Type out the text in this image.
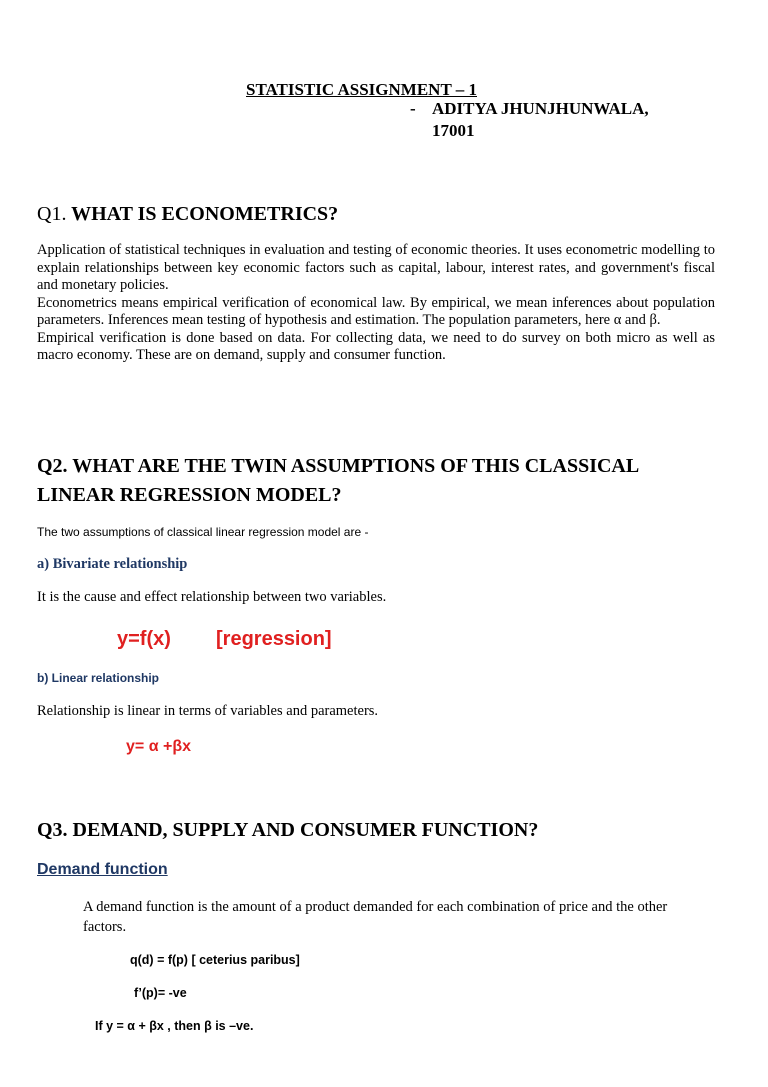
STATISTIC ASSIGNMENT – 1
- ADITYA JHUNJHUNWALA,
17001
Q1. WHAT IS ECONOMETRICS?

Application of statistical techniques in evaluation and testing of economic theories. It uses econometric modelling to explain relationships between key economic factors such as capital, labour, interest rates, and government's fiscal and monetary policies.

Econometrics means empirical verification of economical law. By empirical, we mean inferences about population parameters. Inferences mean testing of hypothesis and estimation. The population parameters, here α and β.

Empirical verification is done based on data. For collecting data, we need to do survey on both micro as well as macro economy. These are on demand, supply and consumer function.

Q2. WHAT ARE THE TWIN ASSUMPTIONS OF THIS CLASSICAL
LINEAR REGRESSION MODEL?
The two assumptions of classical linear regression model are -
a) Bivariate relationship
It is the cause and effect relationship between two variables.
y=f(x) [regression]
b) Linear relationship
Relationship is linear in terms of variables and parameters.
y= α +βx
Q3. DEMAND, SUPPLY AND CONSUMER FUNCTION?
Demand function
A demand function is the amount of a product demanded for each combination of price and the other
factors.
q(d) = f(p) [ ceterius paribus]
f’(p)= -ve
If y = α + βx , then β is –ve.
